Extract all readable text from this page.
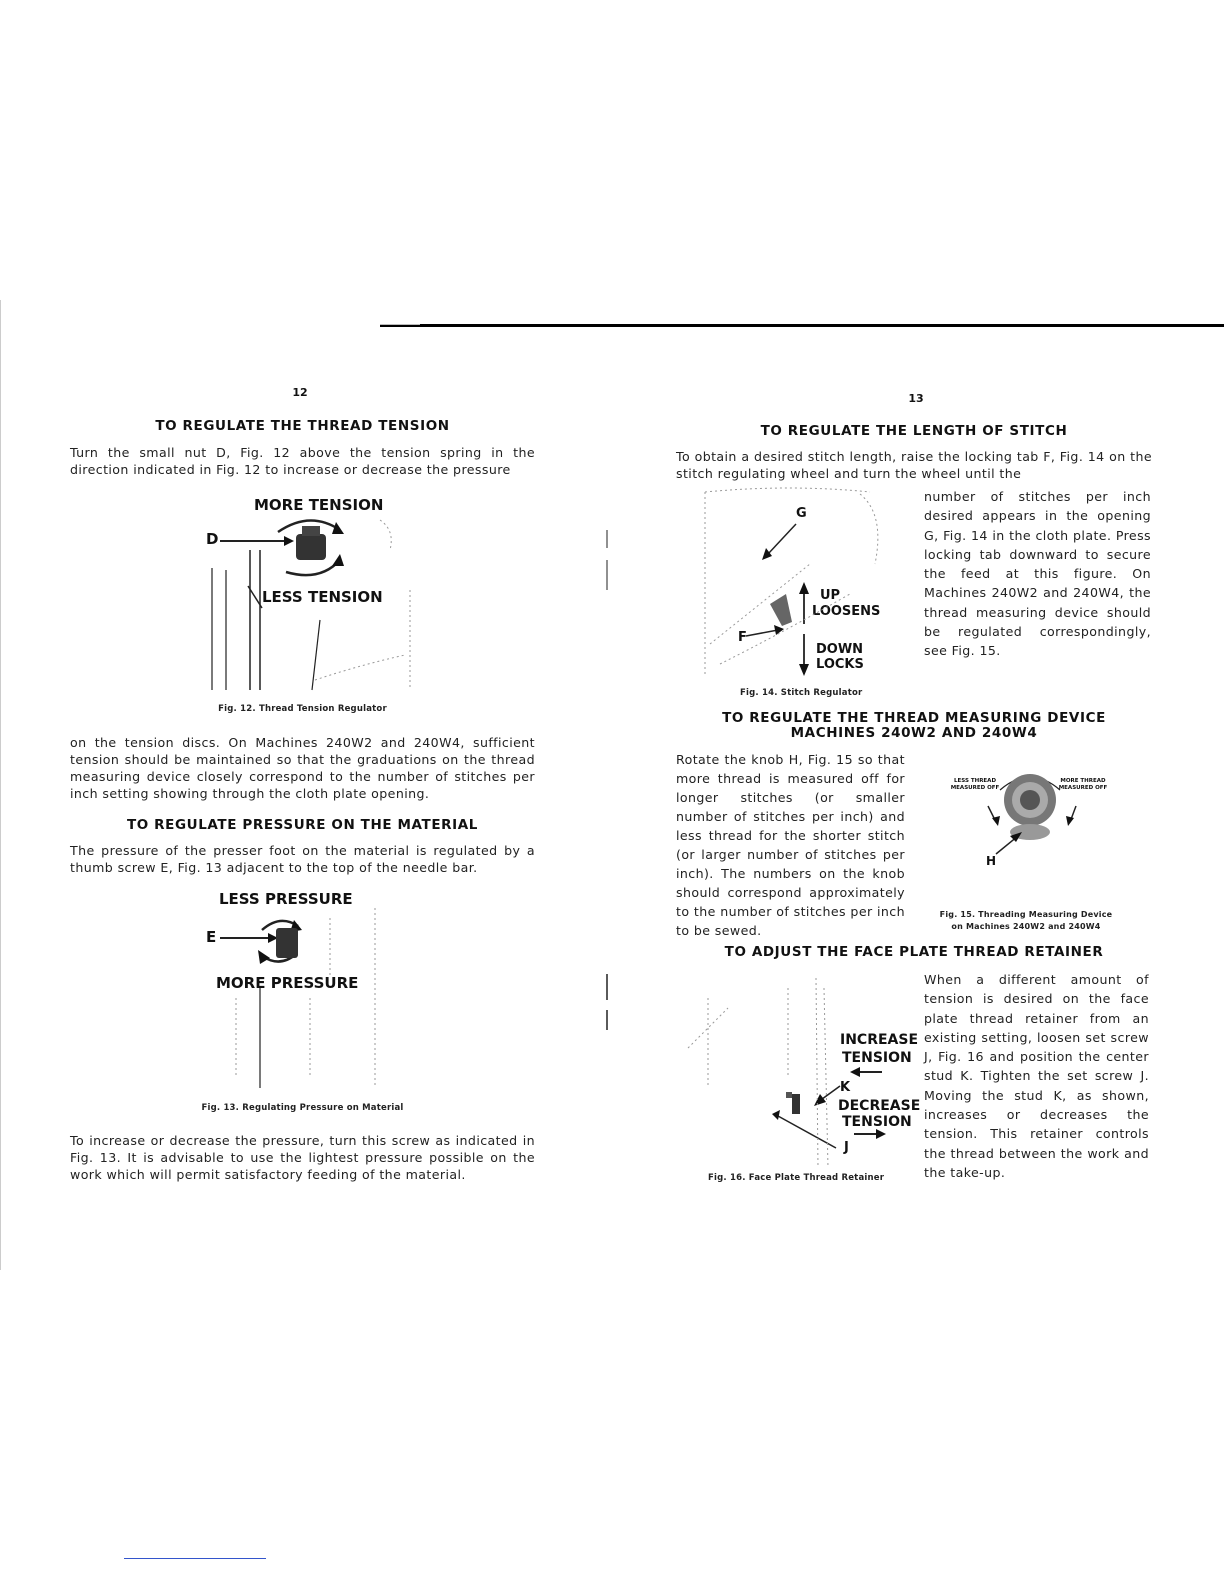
12
TO REGULATE THE THREAD TENSION
Turn the small nut D, Fig. 12 above the tension spring in the direction indicated in Fig. 12 to increase or decrease the pressure
MORE TENSION
D
LESS TENSION
Fig. 12. Thread Tension Regulator
on the tension discs. On Machines 240W2 and 240W4, sufficient tension should be maintained so that the graduations on the thread measuring device closely correspond to the number of stitches per inch setting showing through the cloth plate opening.
TO REGULATE PRESSURE ON THE MATERIAL
The pressure of the presser foot on the material is regulated by a thumb screw E, Fig. 13 adjacent to the top of the needle bar.
LESS PRESSURE
E
MORE PRESSURE
Fig. 13. Regulating Pressure on Material
To increase or decrease the pressure, turn this screw as indicated in Fig. 13. It is advisable to use the lightest pressure possible on the work which will permit satisfactory feeding of the material.
13
TO REGULATE THE LENGTH OF STITCH
To obtain a desired stitch length, raise the locking tab F, Fig. 14 on the stitch regulating wheel and turn the wheel until the
G
UP
LOOSENS
F
DOWN
LOCKS
Fig. 14. Stitch Regulator
number of stitches per inch desired appears in the opening G, Fig. 14 in the cloth plate. Press locking tab downward to secure the feed at this figure. On Machines 240W2 and 240W4, the thread measuring device should be regulated correspondingly, see Fig. 15.
TO REGULATE THE THREAD MEASURING DEVICE
MACHINES 240W2 AND 240W4
Rotate the knob H, Fig. 15 so that more thread is measured off for longer stitches (or smaller number of stitches per inch) and less thread for the shorter stitch (or larger number of stitches per inch). The numbers on the knob should correspond approximately to the number of stitches per inch to be sewed.
LESS THREAD MEASURED OFF
MORE THREAD MEASURED OFF
H
Fig. 15. Threading Measuring Device
on Machines 240W2 and 240W4
TO ADJUST THE FACE PLATE THREAD RETAINER
INCREASE
TENSION
K
DECREASE
TENSION
J
Fig. 16. Face Plate Thread Retainer
When a different amount of tension is desired on the face plate thread retainer from an existing setting, loosen set screw J, Fig. 16 and position the center stud K. Tighten the set screw J. Moving the stud K, as shown, increases or decreases the tension. This retainer controls the thread between the work and the take-up.
